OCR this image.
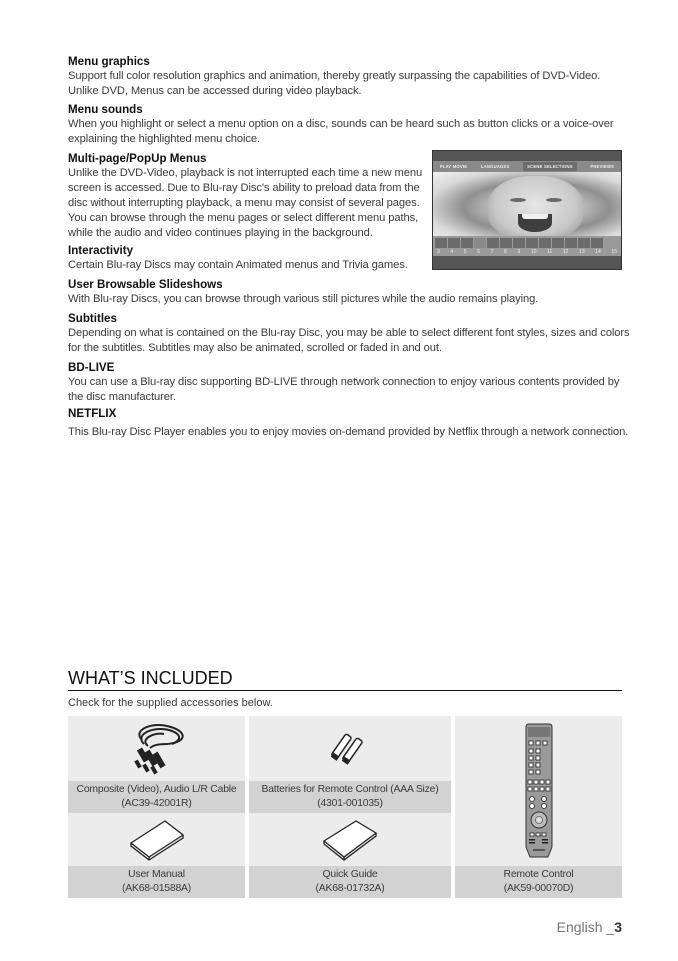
Menu graphics

Support full color resolution graphics and animation, thereby greatly surpassing the capabilities of DVD-Video.

Unlike DVD, Menus can be accessed during video playback.

Menu sounds

When you highlight or select a menu option on a disc, sounds can be heard such as button clicks or a voice-over

explaining the highlighted menu choice.

Multi-page/PopUp Menus

Unlike the DVD-Video, playback is not interrupted each time a new menu

screen is accessed. Due to Blu-ray Disc's ability to preload data from the

disc without interrupting playback, a menu may consist of several pages.

You can browse through the menu pages or select different menu paths,

while the audio and video continues playing in the background.

Interactivity

Certain Blu-ray Discs may contain Animated menus and Trivia games.

User Browsable Slideshows

With Blu-ray Discs, you can browse through various still pictures while the audio remains playing.

Subtitles

Depending on what is contained on the Blu-ray Disc, you may be able to select different font styles, sizes and colors

for the subtitles. Subtitles may also be animated, scrolled or faded in and out.

BD-LIVE

You can use a Blu-ray disc supporting BD-LIVE through network connection to enjoy various contents provided by

the disc manufacturer.

NETFLIX

This Blu-ray Disc Player enables you to enjoy movies on-demand provided by Netflix through a network connection.

PLAY MOVIE	LANGUAGES	SCENE SELECTIONS	PREVIEWS
3 4 5 6 7 8 9 10 11 12 13 14 15
WHAT’S INCLUDED
Check for the supplied accessories below.
Composite (Video), Audio L/R Cable
(AC39-42001R)
Batteries for Remote Control (AAA Size)
(4301-001035)
User Manual
(AK68-01588A)
Quick Guide
(AK68-01732A)
Remote Control
(AK59-00070D)
English _3
